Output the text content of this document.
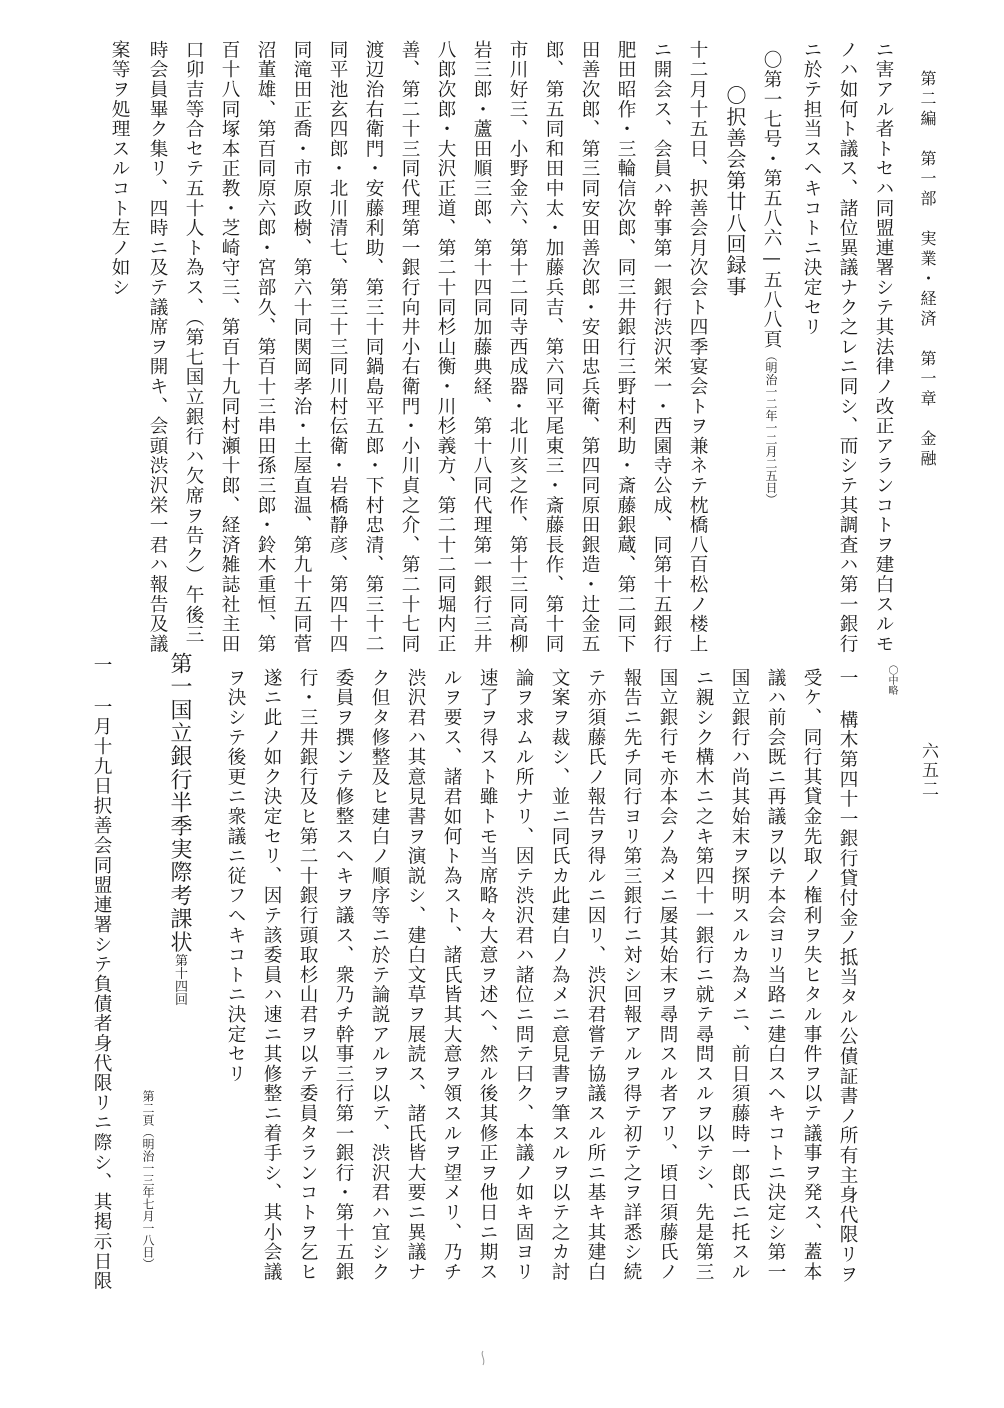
第二編　第一部　実業・経済　第一章　金融
六五二
〇中略
ニ害アル者トセハ同盟連署シテ其法律ノ改正アランコトヲ建白スルモ
ノハ如何ト議ス、諸位異議ナク之レニ同シ、而シテ其調査ハ第一銀行
ニ於テ担当スヘキコトニ決定セリ
〇第一七号・第五八六—五八八頁（明治一二年一二月二五日）
〇択善会第廿八回録事
十二月十五日、択善会月次会ト四季宴会トヲ兼ネテ枕橋八百松ノ楼上
ニ開会ス、会員ハ幹事第一銀行渋沢栄一・西園寺公成、同第十五銀行
肥田昭作・三輪信次郎、同三井銀行三野村利助・斎藤銀蔵、第二同下
田善次郎、第三同安田善次郎・安田忠兵衛、第四同原田銀造・辻金五
郎、第五同和田中太・加藤兵吉、第六同平尾東三・斎藤長作、第十同
市川好三、小野金六、第十二同寺西成器・北川亥之作、第十三同高柳
岩三郎・蘆田順三郎、第十四同加藤典経、第十八同代理第一銀行三井
八郎次郎・大沢正道、第二十同杉山衡・川杉義方、第二十二同堀内正
善、第二十三同代理第一銀行向井小右衛門・小川貞之介、第二十七同
渡辺治右衛門・安藤利助、第三十同鍋島平五郎・下村忠清、第三十二
同平池玄四郎・北川清七、第三十三同川村伝衛・岩橋静彦、第四十四
同滝田正喬・市原政樹、第六十同関岡孝治・土屋直温、第九十五同菅
沼董雄、第百同原六郎・宮部久、第百十三串田孫三郎・鈴木重恒、第
百十八同塚本正教・芝崎守三、第百十九同村瀬十郎、経済雑誌社主田
口卯吉等合セテ五十人ト為ス、（第七国立銀行ハ欠席ヲ告ク）午後三
時会員畢ク集リ、四時ニ及テ議席ヲ開キ、会頭渋沢栄一君ハ報告及議
案等ヲ処理スルコト左ノ如シ
一 構木第四十一銀行貸付金ノ抵当タル公債証書ノ所有主身代限リヲ
受ケ、同行其貸金先取ノ権利ヲ失ヒタル事件ヲ以テ議事ヲ発ス、蓋本
議ハ前会既ニ再議ヲ以テ本会ヨリ当路ニ建白スヘキコトニ決定シ第一
国立銀行ハ尚其始末ヲ探明スルカ為メニ、前日須藤時一郎氏ニ托スル
ニ親シク構木ニ之キ第四十一銀行ニ就テ尋問スルヲ以テシ、先是第三
国立銀行モ亦本会ノ為メニ屡其始末ヲ尋問スル者アリ、頃日須藤氏ノ
報告ニ先チ同行ヨリ第三銀行ニ対シ回報アルヲ得テ初テ之ヲ詳悉シ続
テ亦須藤氏ノ報告ヲ得ルニ因リ、渋沢君嘗テ協議スル所ニ基キ其建白
文案ヲ裁シ、並ニ同氏カ此建白ノ為メニ意見書ヲ筆スルヲ以テ之カ討
論ヲ求ムル所ナリ、因テ渋沢君ハ諸位ニ問テ曰ク、本議ノ如キ固ヨリ
速了ヲ得スト雖トモ当席略々大意ヲ述ヘ、然ル後其修正ヲ他日ニ期ス
ルヲ要ス、諸君如何ト為スト、諸氏皆其大意ヲ領スルヲ望メリ、乃チ
渋沢君ハ其意見書ヲ演説シ、建白文草ヲ展読ス、諸氏皆大要ニ異議ナ
ク但タ修整及ヒ建白ノ順序等ニ於テ論説アルヲ以テ、渋沢君ハ宜シク
委員ヲ撰ンテ修整スヘキヲ議ス、衆乃チ幹事三行第一銀行・第十五銀
行・三井銀行及ヒ第二十銀行頭取杉山君ヲ以テ委員タランコトヲ乞ヒ
遂ニ此ノ如ク決定セリ、因テ該委員ハ速ニ其修整ニ着手シ、其小会議
ヲ決シテ後更ニ衆議ニ従フヘキコトニ決定セリ
第一国立銀行半季実際考課状第十四回
第二頁（明治一三年七月一八日）
一 一月十九日択善会同盟連署シテ負債者身代限リニ際シ、其掲示日限
